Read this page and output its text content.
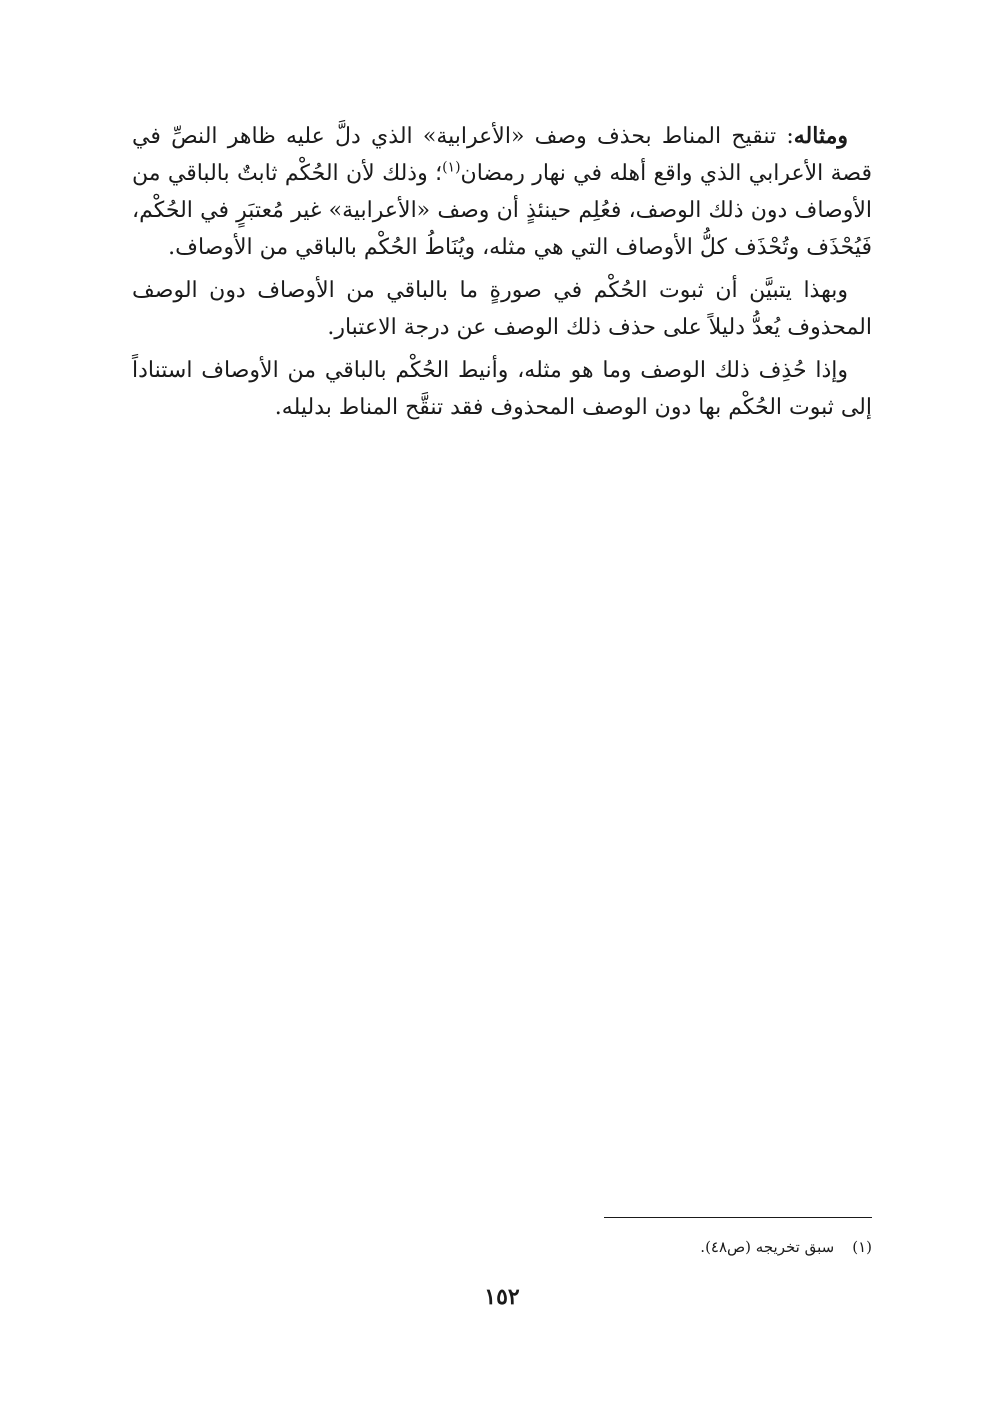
ومثاله: تنقيح المناط بحذف وصف «الأعرابية» الذي دلَّ عليه ظاهر النصِّ في قصة الأعرابي الذي واقع أهله في نهار رمضان$^{(١)}$؛ وذلك لأن الحُكْم ثابتٌ بالباقي من الأوصاف دون ذلك الوصف، فعُلِم حينئذٍ أن وصف «الأعرابية» غير مُعتبَرٍ في الحُكْم، فَيُحْذَف وتُحْذَف كلُّ الأوصاف التي هي مثله، ويُنَاطُ الحُكْم بالباقي من الأوصاف.

وبهذا يتبيَّن أن ثبوت الحُكْم في صورةٍ ما بالباقي من الأوصاف دون الوصف المحذوف يُعدُّ دليلاً على حذف ذلك الوصف عن درجة الاعتبار.

وإذا حُذِف ذلك الوصف وما هو مثله، وأنيط الحُكْم بالباقي من الأوصاف استناداً إلى ثبوت الحُكْم بها دون الوصف المحذوف فقد تنقَّح المناط بدليله.

(١)سبق تخريجه (ص٤٨).
١٥٢
